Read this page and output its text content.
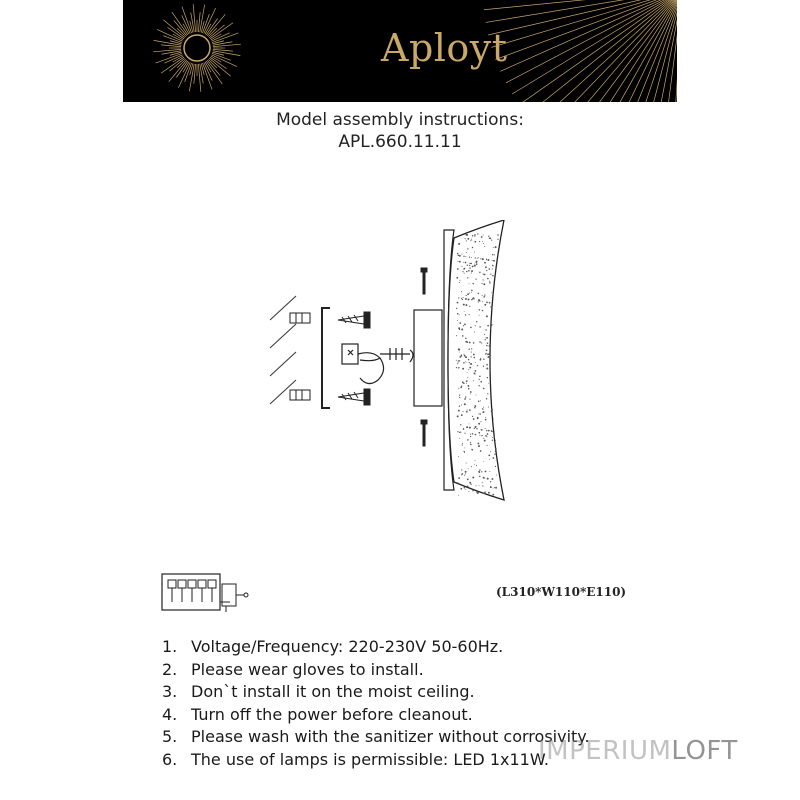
Aployt
Model assembly instructions:
APL.660.11.11
(L310*W110*E110)
1. Voltage/Frequency: 220-230V 50-60Hz.
2. Please wear gloves to install.
3. Don`t install it on the moist ceiling.
4. Turn off the power before cleanout.
5. Please wash with the sanitizer without corrosivity.
6. The use of lamps is permissible: LED 1x11W.
IMPERIUMLOFT
